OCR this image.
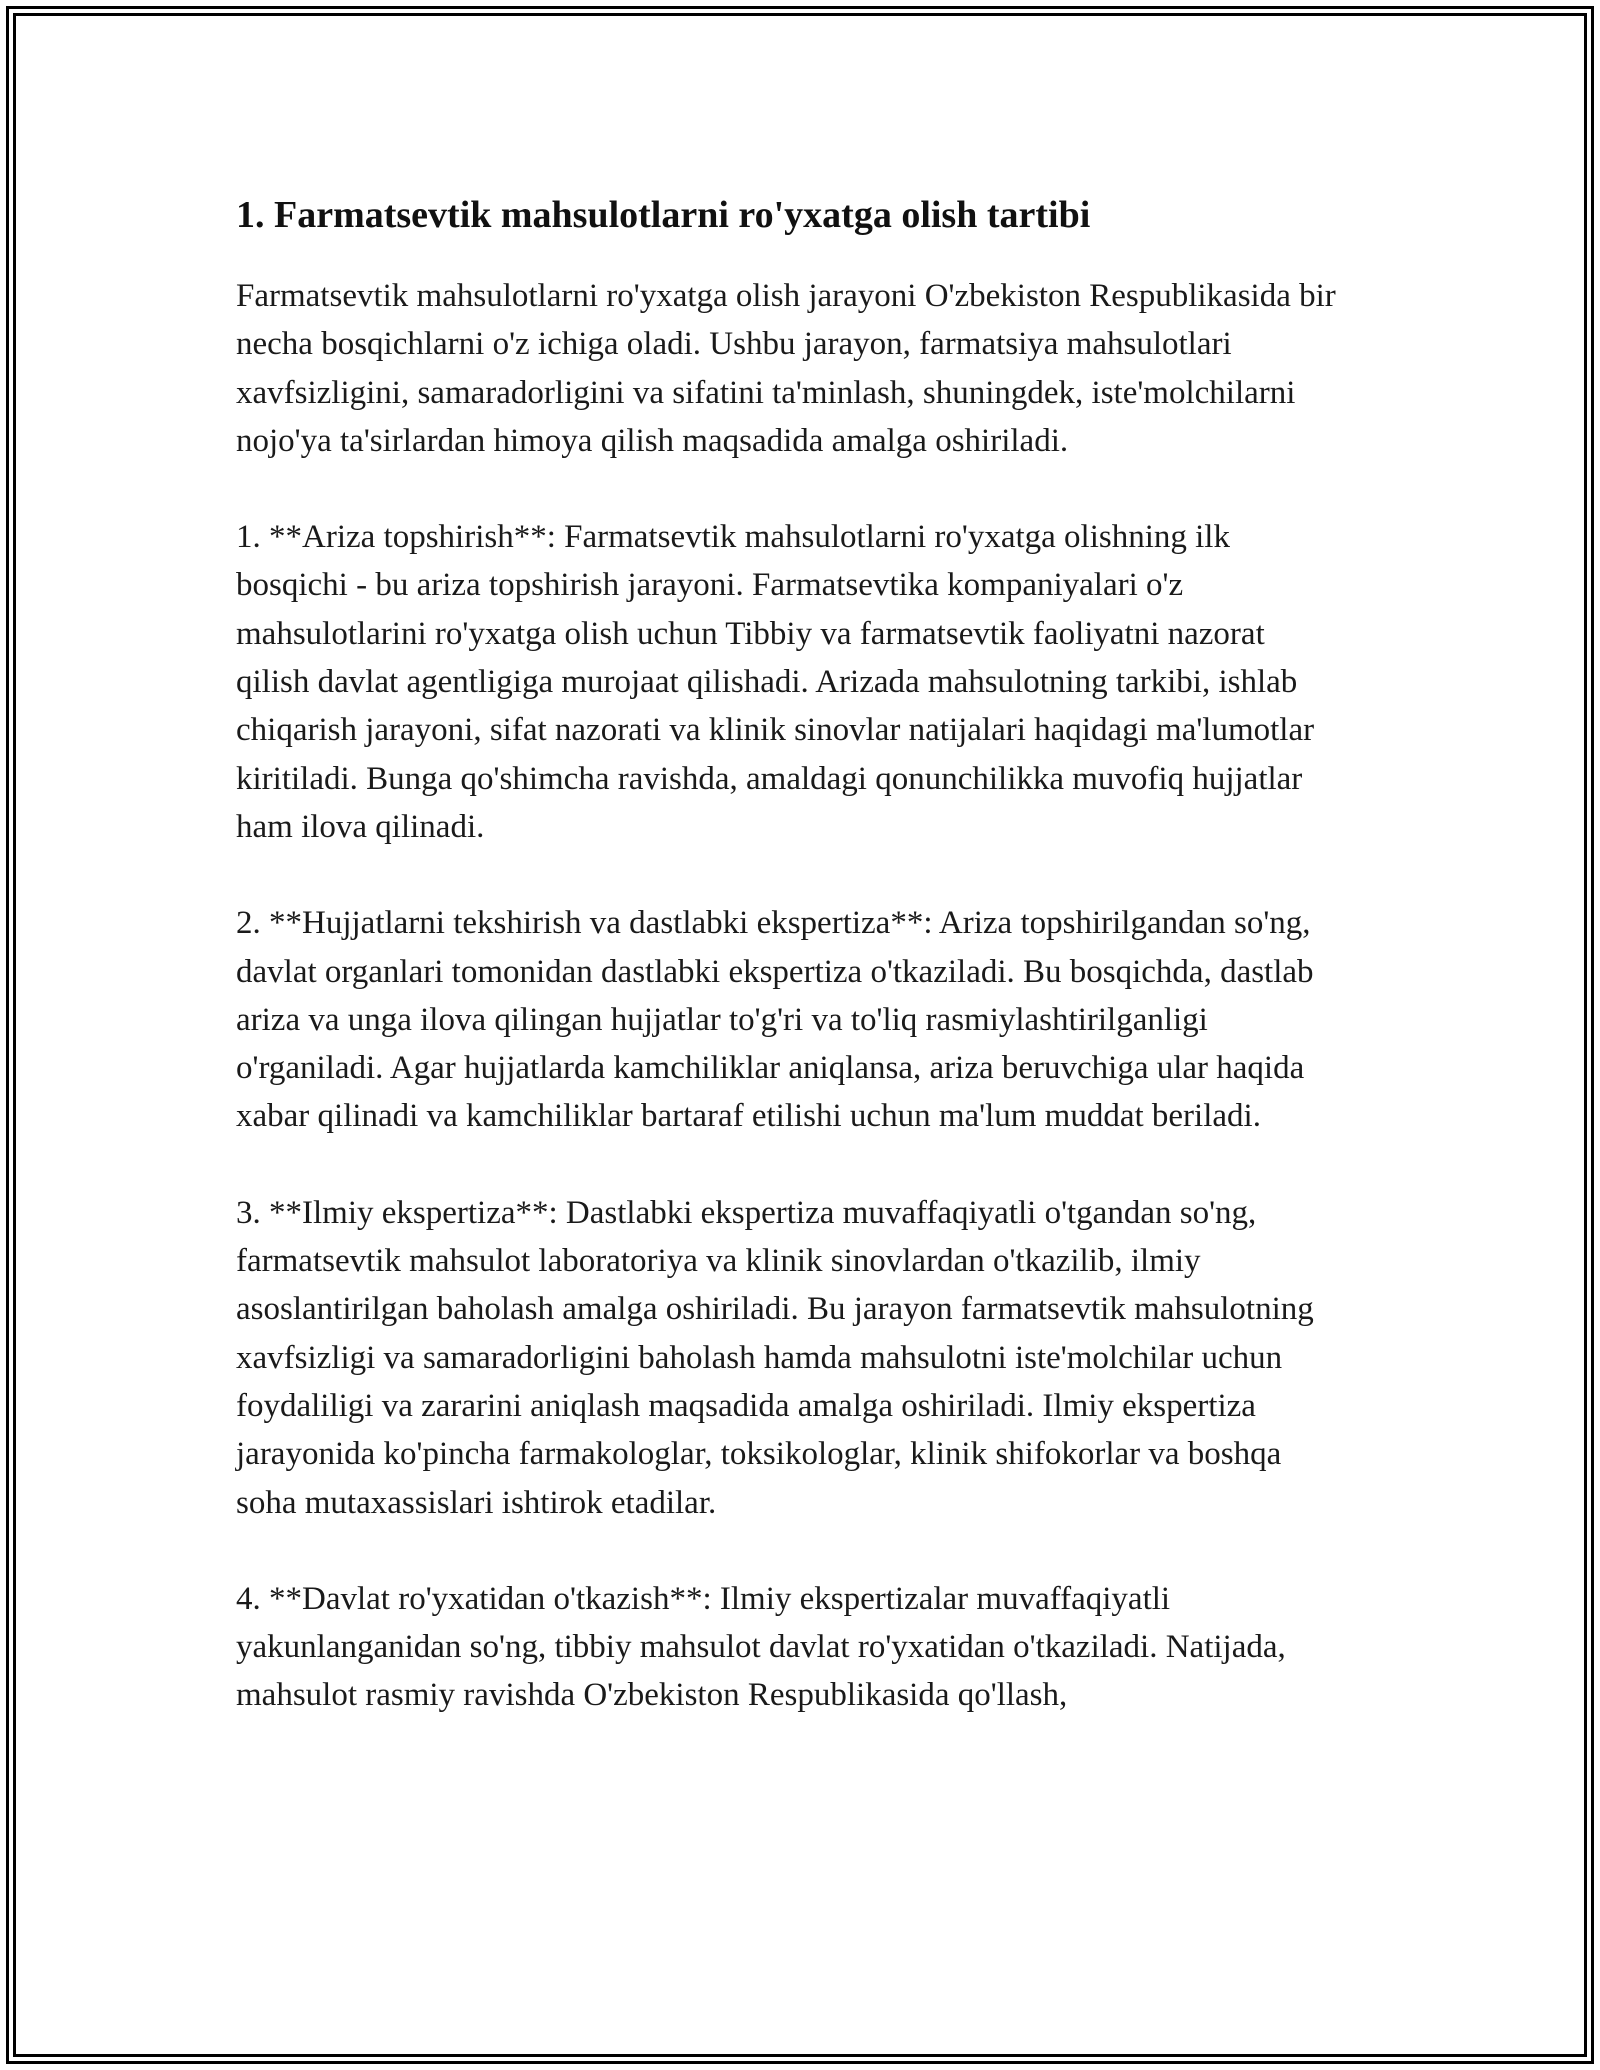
1. Farmatsevtik mahsulotlarni ro'yxatga olish tartibi

Farmatsevtik mahsulotlarni ro'yxatga olish jarayoni O'zbekiston Respublikasida bir necha bosqichlarni o'z ichiga oladi. Ushbu jarayon, farmatsiya mahsulotlari xavfsizligini, samaradorligini va sifatini ta'minlash, shuningdek, iste'molchilarni nojo'ya ta'sirlardan himoya qilish maqsadida amalga oshiriladi.

1. **Ariza topshirish**: Farmatsevtik mahsulotlarni ro'yxatga olishning ilk bosqichi - bu ariza topshirish jarayoni. Farmatsevtika kompaniyalari o'z mahsulotlarini ro'yxatga olish uchun Tibbiy va farmatsevtik faoliyatni nazorat qilish davlat agentligiga murojaat qilishadi. Arizada mahsulotning tarkibi, ishlab chiqarish jarayoni, sifat nazorati va klinik sinovlar natijalari haqidagi ma'lumotlar kiritiladi. Bunga qo'shimcha ravishda, amaldagi qonunchilikka muvofiq hujjatlar ham ilova qilinadi.

2. **Hujjatlarni tekshirish va dastlabki ekspertiza**: Ariza topshirilgandan so'ng, davlat organlari tomonidan dastlabki ekspertiza o'tkaziladi. Bu bosqichda, dastlab ariza va unga ilova qilingan hujjatlar to'g'ri va to'liq rasmiylashtirilganligi o'rganiladi. Agar hujjatlarda kamchiliklar aniqlansa, ariza beruvchiga ular haqida xabar qilinadi va kamchiliklar bartaraf etilishi uchun ma'lum muddat beriladi.

3. **Ilmiy ekspertiza**: Dastlabki ekspertiza muvaffaqiyatli o'tgandan so'ng, farmatsevtik mahsulot laboratoriya va klinik sinovlardan o'tkazilib, ilmiy asoslantirilgan baholash amalga oshiriladi. Bu jarayon farmatsevtik mahsulotning xavfsizligi va samaradorligini baholash hamda mahsulotni iste'molchilar uchun foydaliligi va zararini aniqlash maqsadida amalga oshiriladi. Ilmiy ekspertiza jarayonida ko'pincha farmakologlar, toksikologlar, klinik shifokorlar va boshqa soha mutaxassislari ishtirok etadilar.

4. **Davlat ro'yxatidan o'tkazish**: Ilmiy ekspertizalar muvaffaqiyatli yakunlanganidan so'ng, tibbiy mahsulot davlat ro'yxatidan o'tkaziladi. Natijada, mahsulot rasmiy ravishda O'zbekiston Respublikasida qo'llash,
